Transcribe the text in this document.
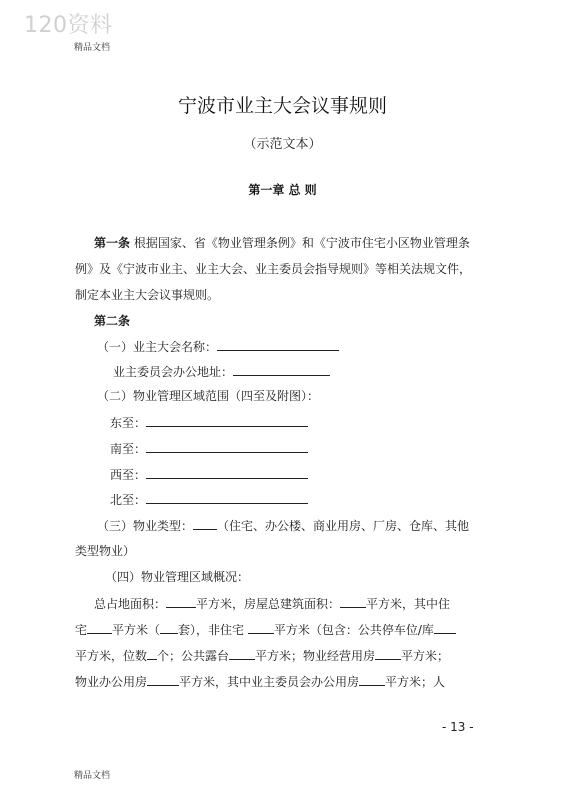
120资料
精品文档
宁波市业主大会议事规则
（示范文本）
第一章 总 则
第一条 根据国家、省《物业管理条例》和《宁波市住宅小区物业管理条
例》及《宁波市业主、业主大会、业主委员会指导规则》等相关法规文件，
制定本业主大会议事规则。
第二条
（一）业主大会名称：
业主委员会办公地址：
（二）物业管理区域范围（四至及附图）：
东至：
南至：
西至：
北至：
（三）物业类型： （住宅、办公楼、商业用房、厂房、仓库、其他
类型物业）
（四）物业管理区域概况：
总占地面积：	平方米，房屋总建筑面积： 平方米，其中住
宅 平方米（ 套），非住宅 平方米（包含：公共停车位/库
平方米，位数 个；公共露台 平方米；物业经营用房 平方米；
物业办公用房	平方米，其中业主委员会办公用房 平方米；人
- 13 -
精品文档
